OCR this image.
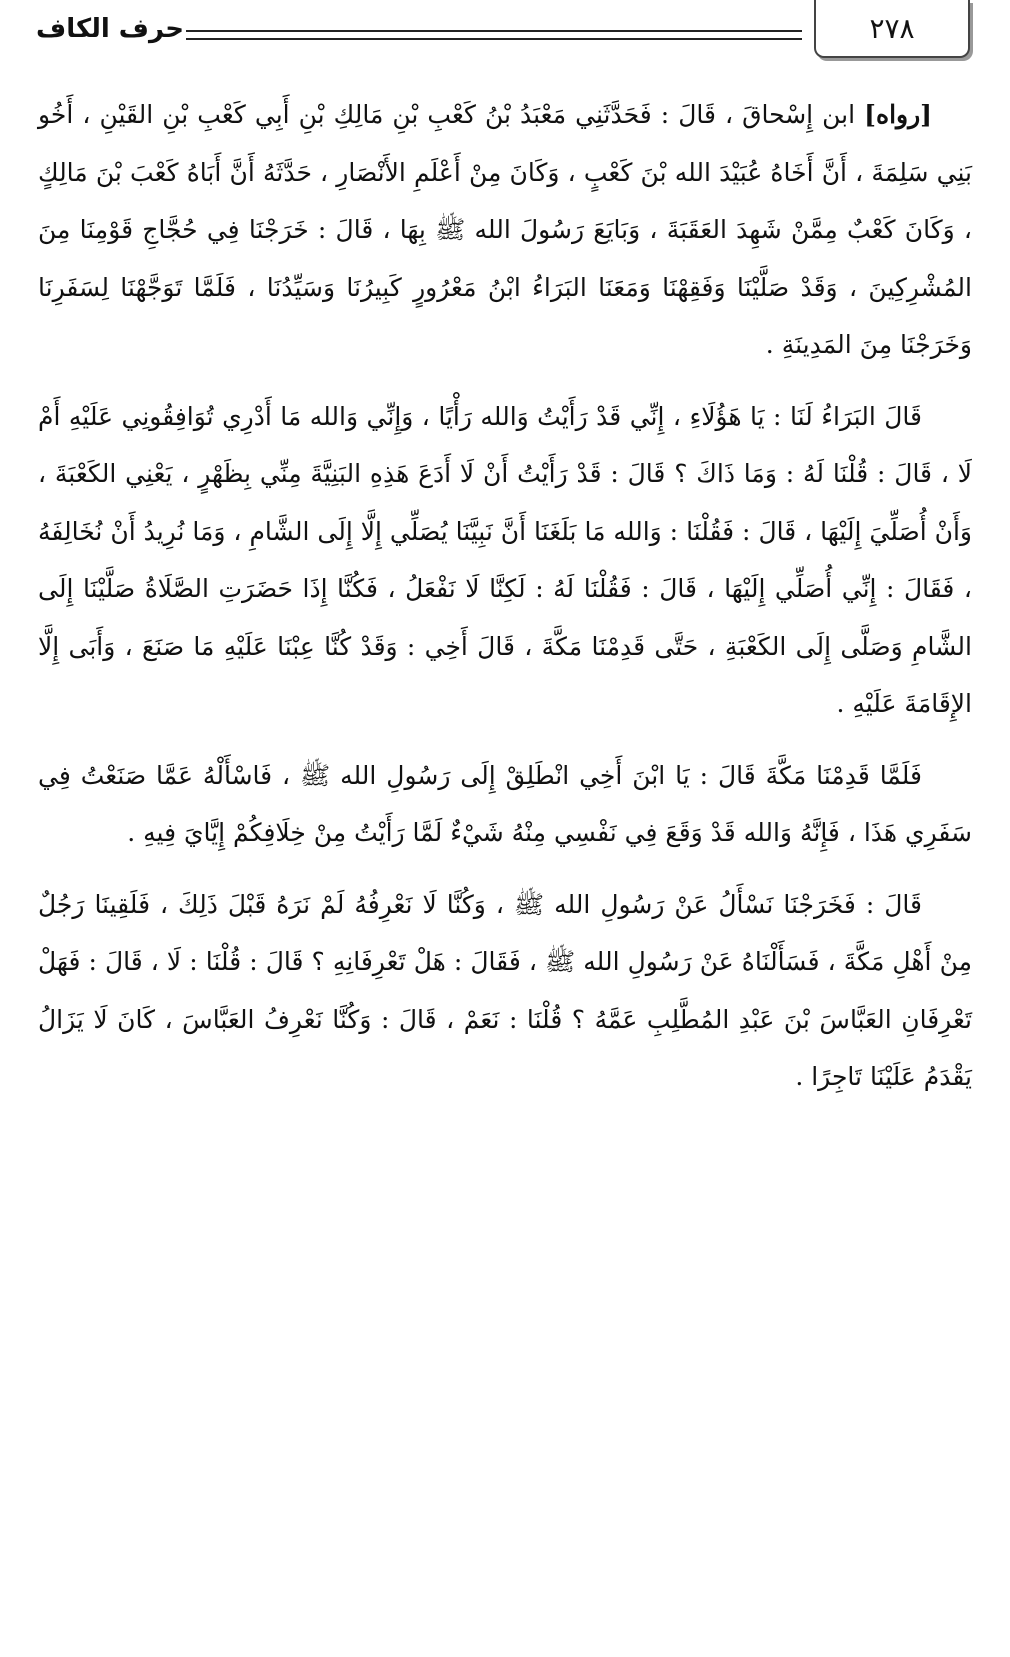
٢٧٨
حرف الكاف

[رواه] ابن إِسْحاقَ ، قَالَ : فَحَدَّثَنِي مَعْبَدُ بْنُ كَعْبِ بْنِ مَالِكِ بْنِ أَبِي كَعْبِ بْنِ القَيْنِ ، أَخُو بَنِي سَلِمَةَ ، أَنَّ أَخَاهُ عُبَيْدَ الله بْنَ كَعْبٍ ، وَكَانَ مِنْ أَعْلَمِ الأَنْصَارِ ، حَدَّثَهُ أَنَّ أَبَاهُ كَعْبَ بْنَ مَالِكٍ ، وَكَانَ كَعْبٌ مِمَّنْ شَهِدَ العَقَبَةَ ، وَبَايَعَ رَسُولَ الله ﷺ بِهَا ، قَالَ : خَرَجْنَا فِي حُجَّاجِ قَوْمِنَا مِنَ المُشْرِكِينَ ، وَقَدْ صَلَّيْنَا وَفَقِهْنَا وَمَعَنَا البَرَاءُ ابْنُ مَعْرُورٍ كَبِيرُنَا وَسَيِّدُنَا ، فَلَمَّا تَوَجَّهْنَا لِسَفَرِنَا وَخَرَجْنَا مِنَ المَدِينَةِ .

قَالَ البَرَاءُ لَنَا : يَا هَؤُلَاءِ ، إِنِّي قَدْ رَأَيْتُ وَالله رَأْيًا ، وَإِنِّي وَالله مَا أَدْرِي تُوَافِقُونِي عَلَيْهِ أَمْ لَا ، قَالَ : قُلْنَا لَهُ : وَمَا ذَاكَ ؟ قَالَ : قَدْ رَأَيْتُ أَنْ لَا أَدَعَ هَذِهِ البَنِيَّةَ مِنِّي بِظَهْرٍ ، يَعْنِي الكَعْبَةَ ، وَأَنْ أُصَلِّيَ إِلَيْهَا ، قَالَ : فَقُلْنَا : وَالله مَا بَلَغَنَا أَنَّ نَبِيَّنَا يُصَلِّي إِلَّا إِلَى الشَّامِ ، وَمَا نُرِيدُ أَنْ نُخَالِفَهُ ، فَقَالَ : إِنِّي أُصَلِّي إِلَيْهَا ، قَالَ : فَقُلْنَا لَهُ : لَكِنَّا لَا نَفْعَلُ ، فَكُنَّا إِذَا حَضَرَتِ الصَّلَاةُ صَلَّيْنَا إِلَى الشَّامِ وَصَلَّى إِلَى الكَعْبَةِ ، حَتَّى قَدِمْنَا مَكَّةَ ، قَالَ أَخِي : وَقَدْ كُنَّا عِبْنَا عَلَيْهِ مَا صَنَعَ ، وَأَبَى إِلَّا الإِقَامَةَ عَلَيْهِ .

فَلَمَّا قَدِمْنَا مَكَّةَ قَالَ : يَا ابْنَ أَخِي انْطَلِقْ إِلَى رَسُولِ الله ﷺ ، فَاسْأَلْهُ عَمَّا صَنَعْتُ فِي سَفَرِي هَذَا ، فَإِنَّهُ وَالله قَدْ وَقَعَ فِي نَفْسِي مِنْهُ شَيْءٌ لَمَّا رَأَيْتُ مِنْ خِلَافِكُمْ إِيَّايَ فِيهِ .

قَالَ : فَخَرَجْنَا نَسْأَلُ عَنْ رَسُولِ الله ﷺ ، وَكُنَّا لَا نَعْرِفُهُ لَمْ نَرَهُ قَبْلَ ذَلِكَ ، فَلَقِينَا رَجُلٌ مِنْ أَهْلِ مَكَّةَ ، فَسَأَلْنَاهُ عَنْ رَسُولِ الله ﷺ ، فَقَالَ : هَلْ تَعْرِفَانِهِ ؟ قَالَ : قُلْنَا : لَا ، قَالَ : فَهَلْ تَعْرِفَانِ العَبَّاسَ بْنَ عَبْدِ المُطَّلِبِ عَمَّهُ ؟ قُلْنَا : نَعَمْ ، قَالَ : وَكُنَّا نَعْرِفُ العَبَّاسَ ، كَانَ لَا يَزَالُ يَقْدَمُ عَلَيْنَا تَاجِرًا .
